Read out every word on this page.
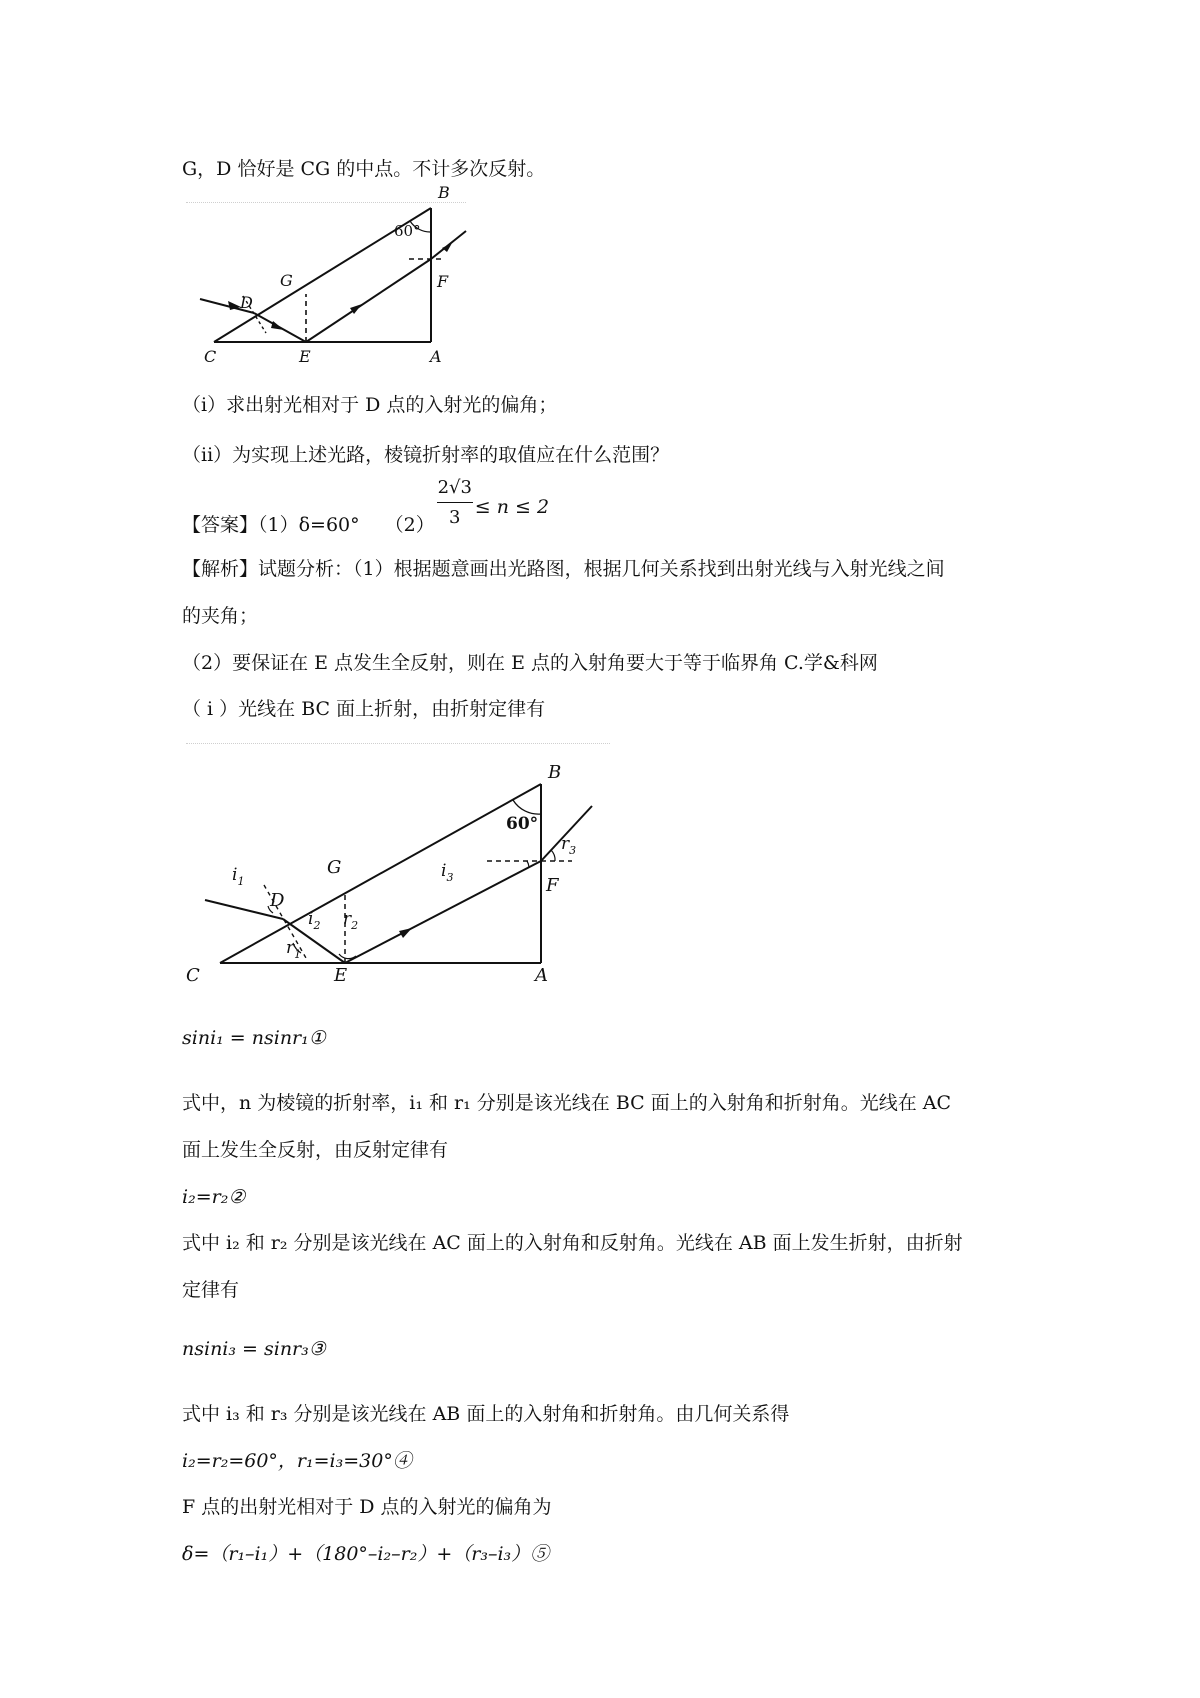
G，D 恰好是 CG 的中点。不计多次反射。
B
60°
G	F
D
C	E	A
（i）求出射光相对于 D 点的入射光的偏角；
（ii）为实现上述光路，棱镜折射率的取值应在什么范围？
【答案】（1）δ=60°　 $(2) \frac{2√3}{3}$
≤ n ≤ 2
【解析】试题分析：（1）根据题意画出光路图，根据几何关系找到出射光线与入射光线之间
的夹角；
（2）要保证在 E 点发生全反射，则在 E 点的入射角要大于等于临界角 C.学&科网
（ i ）光线在 BC 面上折射，由折射定律有
B
60°
G
F
D
C	E	A
$i_1$
$r_1$
$i_2$ $r_2$
$i_3$
$r_3$
sini₁ = nsinr₁①
式中，n 为棱镜的折射率，i₁ 和 r₁ 分别是该光线在 BC 面上的入射角和折射角。光线在 AC
面上发生全反射，由反射定律有
i₂=r₂②
式中 i₂ 和 r₂ 分别是该光线在 AC 面上的入射角和反射角。光线在 AB 面上发生折射，由折射
定律有
nsini₃ = sinr₃③
式中 i₃ 和 r₃ 分别是该光线在 AB 面上的入射角和折射角。由几何关系得
i₂=r₂=60°，r₁=i₃=30°④
F 点的出射光相对于 D 点的入射光的偏角为
δ=（r₁–i₁）+（180°–i₂–r₂）+（r₃–i₃）⑤
